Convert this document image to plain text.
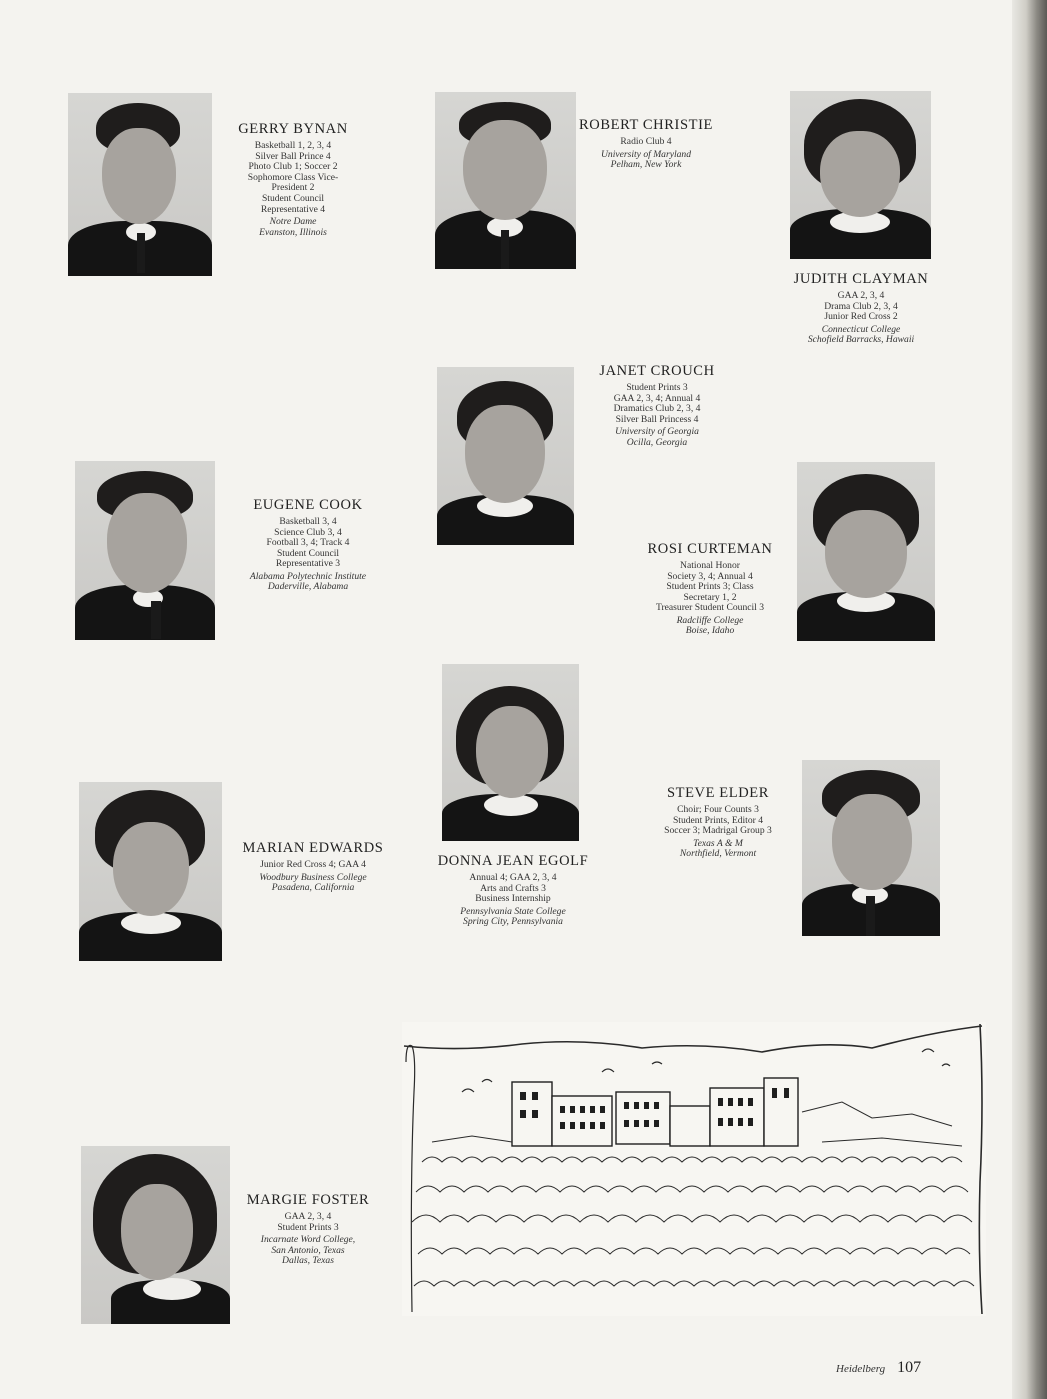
GERRY BYNAN
Basketball 1, 2, 3, 4
Silver Ball Prince 4
Photo Club 1; Soccer 2
Sophomore Class Vice-
President 2
Student Council
Representative 4
Notre Dame
Evanston, Illinois
ROBERT CHRISTIE
Radio Club 4
University of Maryland
Pelham, New York
JUDITH CLAYMAN
GAA 2, 3, 4
Drama Club 2, 3, 4
Junior Red Cross 2
Connecticut College
Schofield Barracks, Hawaii
JANET CROUCH
Student Prints 3
GAA 2, 3, 4; Annual 4
Dramatics Club 2, 3, 4
Silver Ball Princess 4
University of Georgia
Ocilla, Georgia
EUGENE COOK
Basketball 3, 4
Science Club 3, 4
Football 3, 4; Track 4
Student Council
Representative 3
Alabama Polytechnic Institute
Daderville, Alabama
ROSI CURTEMAN
National Honor
Society 3, 4; Annual 4
Student Prints 3; Class
Secretary 1, 2
Treasurer Student Council 3
Radcliffe College
Boise, Idaho
STEVE ELDER
Choir; Four Counts 3
Student Prints, Editor 4
Soccer 3; Madrigal Group 3
Texas A & M
Northfield, Vermont
MARIAN EDWARDS
Junior Red Cross 4; GAA 4
Woodbury Business College
Pasadena, California
DONNA JEAN EGOLF
Annual 4; GAA 2, 3, 4
Arts and Crafts 3
Business Internship
Pennsylvania State College
Spring City, Pennsylvania
MARGIE FOSTER
GAA 2, 3, 4
Student Prints 3
Incarnate Word College,
San Antonio, Texas
Dallas, Texas
Heidelberg 107
